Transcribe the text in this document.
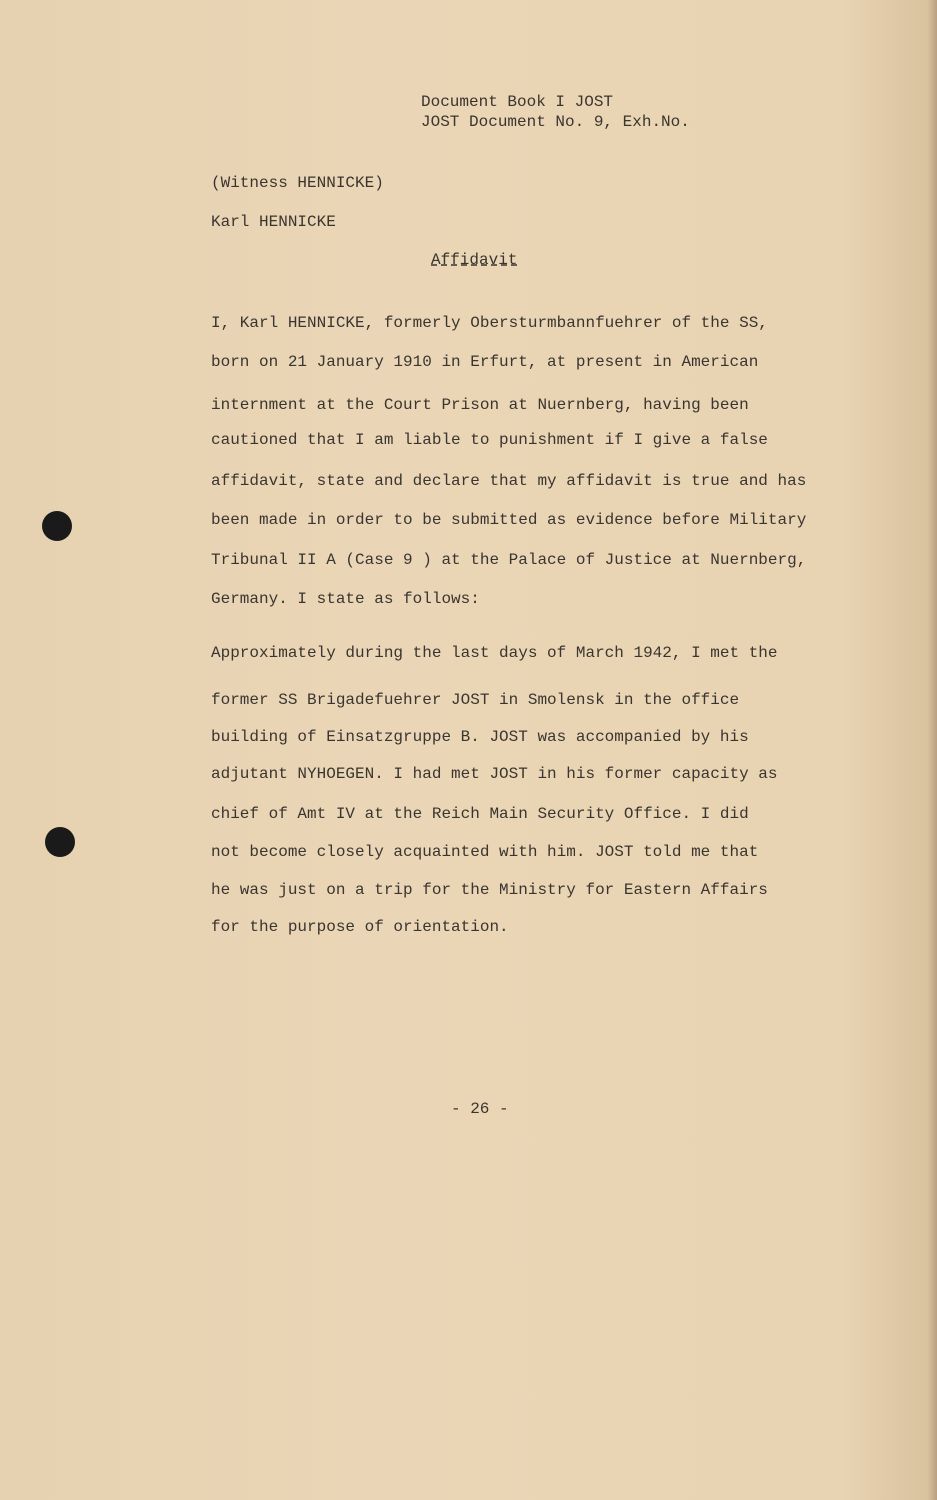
Document Book I JOST
JOST Document No. 9, Exh.No.
(Witness HENNICKE)
Karl HENNICKE
Affidavit
I, Karl HENNICKE, formerly Obersturmbannfuehrer of the SS,
born on 21 January 1910 in Erfurt, at present in American
internment at the Court Prison at Nuernberg, having been
cautioned that I am liable to punishment if I give a false
affidavit, state and declare that my affidavit is true and has
been made in order to be submitted as evidence before Military
Tribunal II A (Case 9 ) at the Palace of Justice at Nuernberg,
Germany. I state as follows:
Approximately during the last days of March 1942, I met the
former SS Brigadefuehrer JOST in Smolensk in the office
building of Einsatzgruppe B. JOST was accompanied by his
adjutant NYHOEGEN. I had met JOST in his former capacity as
chief of Amt IV at the Reich Main Security Office. I did
not become closely acquainted with him. JOST told me that
he was just on a trip for the Ministry for Eastern Affairs
for the purpose of orientation.
- 26 -
